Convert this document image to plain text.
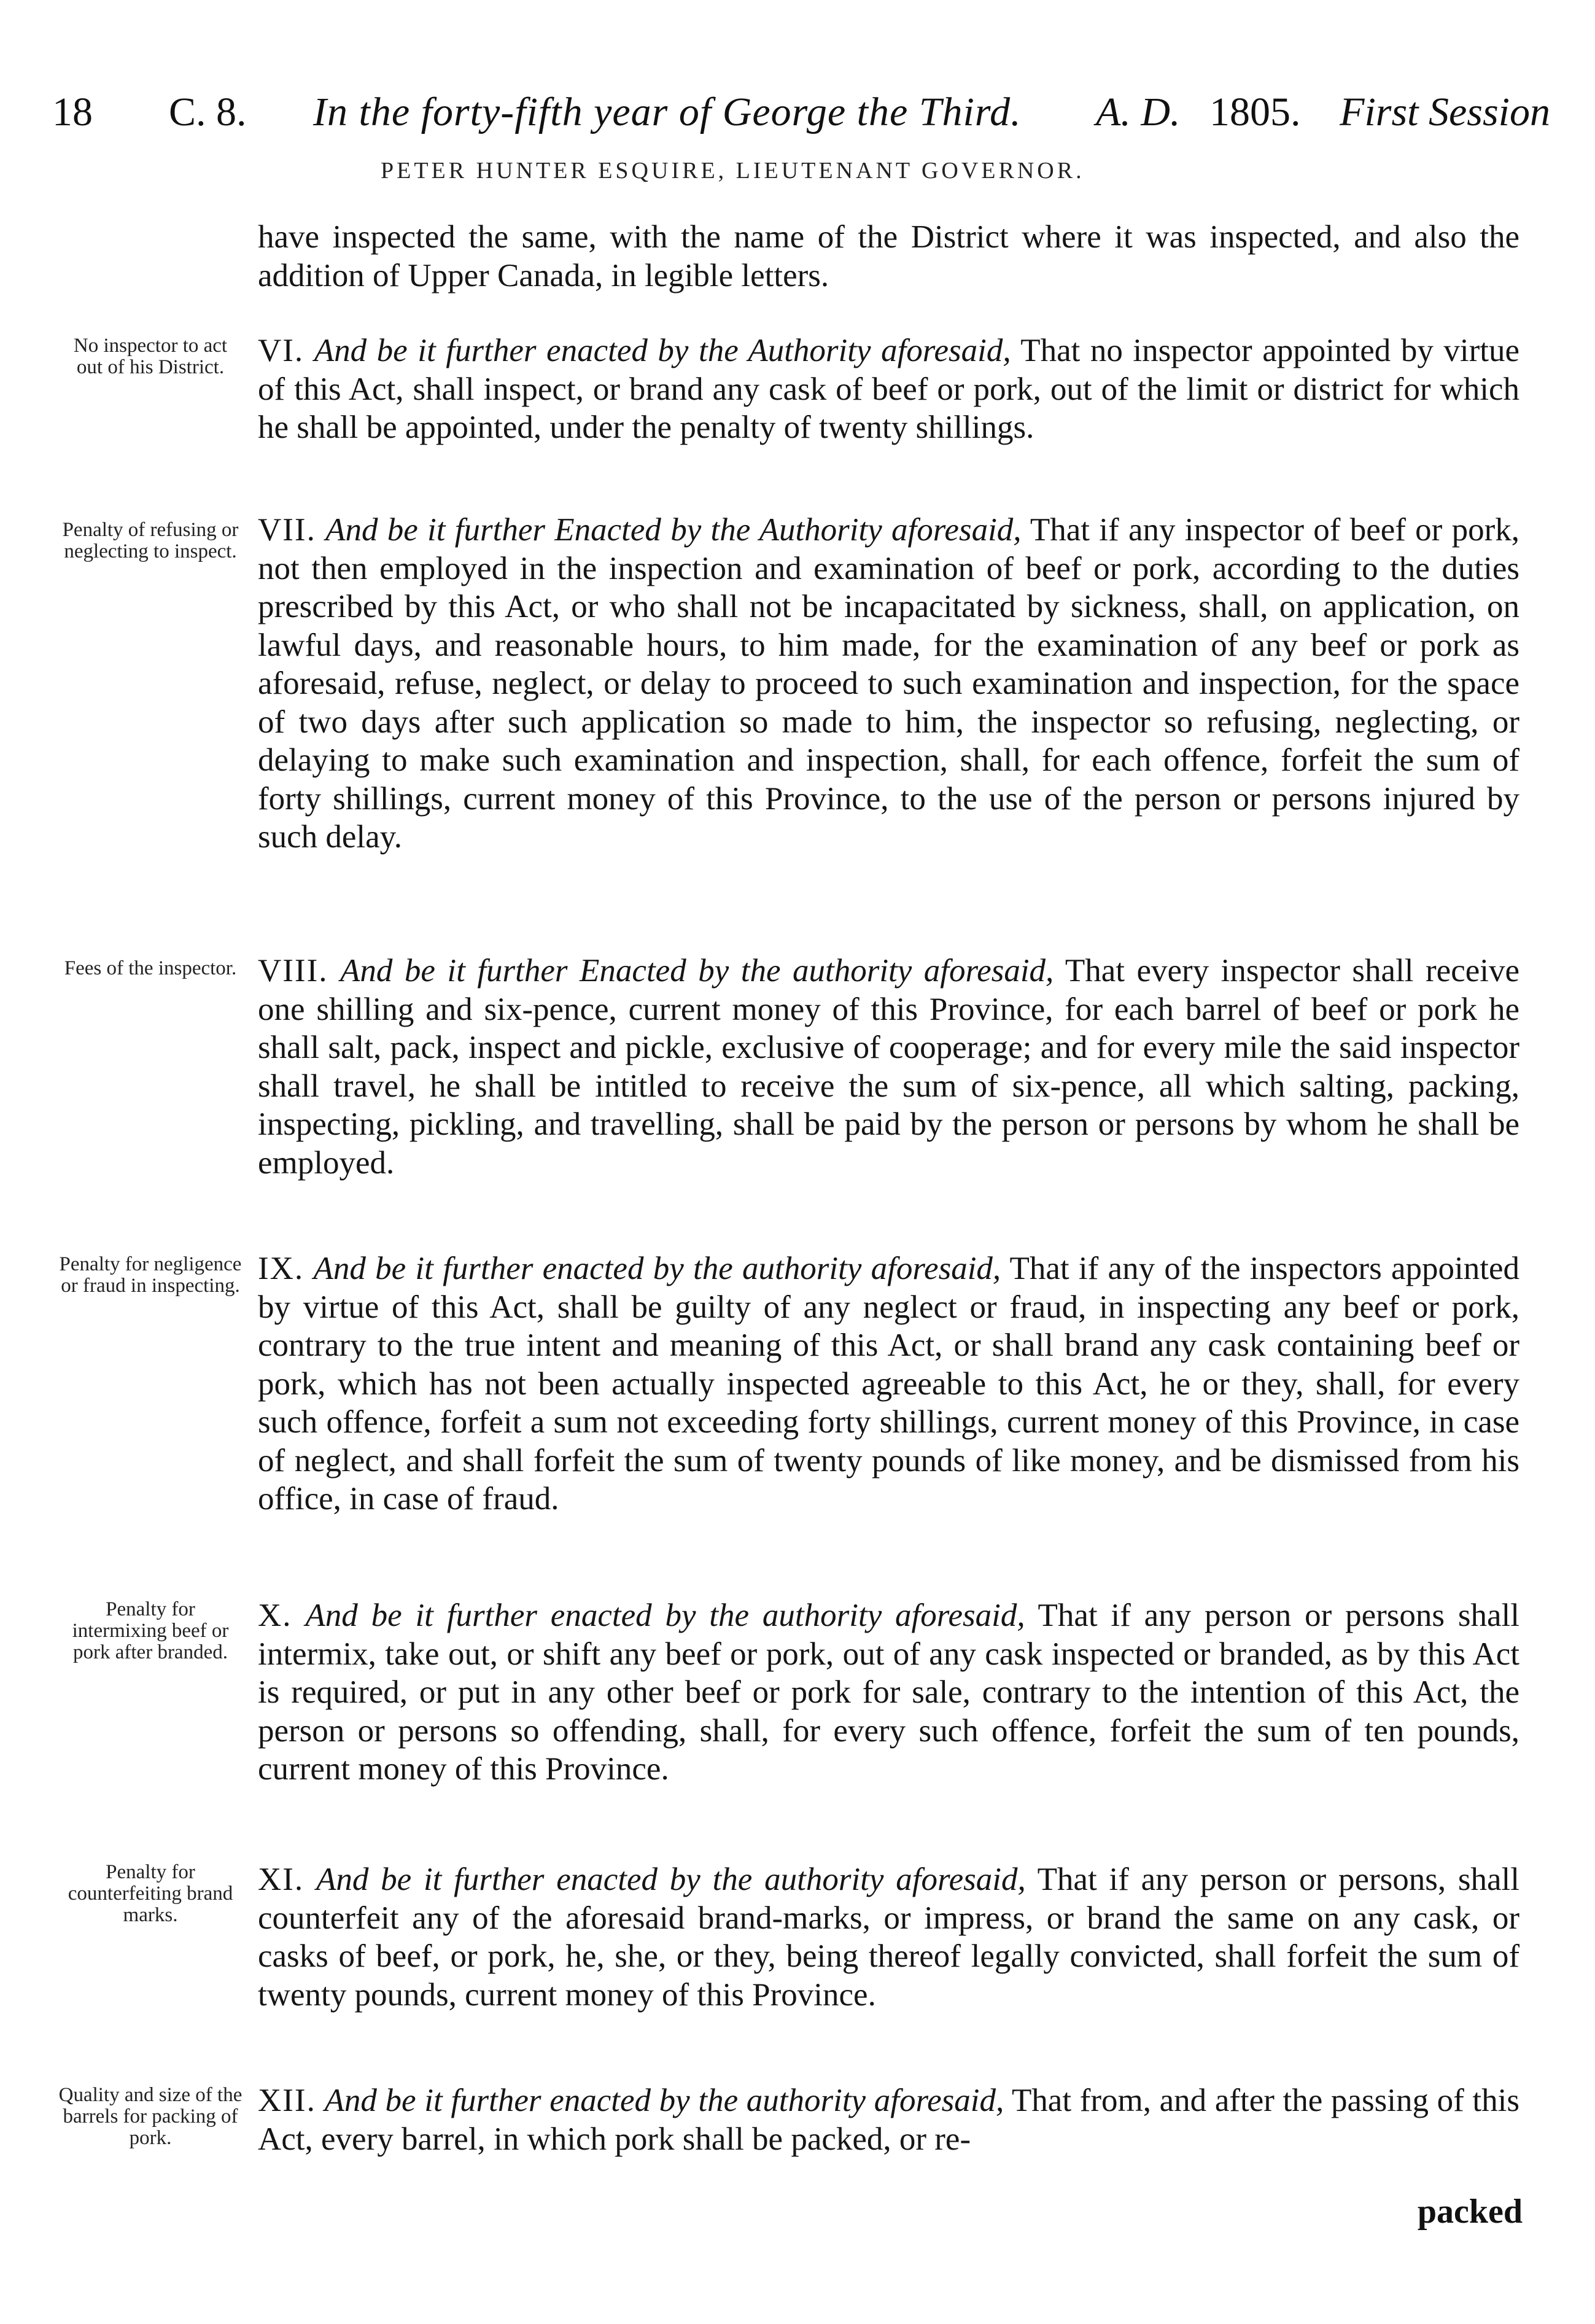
18 C. 8. In the forty-fifth year of George the Third. A. D. 1805. First Session
PETER HUNTER ESQUIRE, LIEUTENANT GOVERNOR.
have inspected the same, with the name of the District where it was inspected, and also the addition of Upper Canada, in legible letters.
No inspector to act out of his District.	VI. And be it further enacted by the Authority aforesaid, That no inspector appointed by virtue of this Act, shall inspect, or brand any cask of beef or pork, out of the limit or district for which he shall be appointed, under the penalty of twenty shillings.
Penalty of refusing or neglecting to inspect.
VII. And be it further Enacted by the Authority aforesaid, That if any inspector of beef or pork, not then employed in the inspection and examination of beef or pork, according to the duties prescribed by this Act, or who shall not be incapacitated by sickness, shall, on application, on lawful days, and reasonable hours, to him made, for the examination of any beef or pork as aforesaid, refuse, neglect, or delay to proceed to such examination and inspection, for the space of two days after such application so made to him, the inspector so refusing, neglecting, or delaying to make such examination and inspection, shall, for each offence, forfeit the sum of forty shillings, current money of this Province, to the use of the person or persons injured by such delay.
Fees of the inspector. VIII. And be it further Enacted by the authority aforesaid, That every inspector shall receive one shilling and six-pence, current money of this Province, for each barrel of beef or pork he shall salt, pack, inspect and pickle, exclusive of cooperage; and for every mile the said inspector shall travel, he shall be intitled to receive the sum of six-pence, all which salting, packing, inspecting, pickling, and travelling, shall be paid by the person or persons by whom he shall be employed.
Penalty for negligence or fraud in inspecting. IX. And be it further enacted by the authority aforesaid, That if any of the inspectors appointed by virtue of this Act, shall be guilty of any neglect or fraud, in inspecting any beef or pork, contrary to the true intent and meaning of this Act, or shall brand any cask containing beef or pork, which has not been actually inspected agreeable to this Act, he or they, shall, for every such offence, forfeit a sum not exceeding forty shillings, current money of this Province, in case of neglect, and shall forfeit the sum of twenty pounds of like money, and be dismissed from his office, in case of fraud.
Penalty for intermixing beef or pork after branded.
X. And be it further enacted by the authority aforesaid, That if any person or persons shall intermix, take out, or shift any beef or pork, out of any cask inspected or branded, as by this Act is required, or put in any other beef or pork for sale, contrary to the intention of this Act, the person or persons so offending, shall, for every such offence, forfeit the sum of ten pounds, current money of this Province.
Penalty for counterfeiting brand marks.
XI. And be it further enacted by the authority aforesaid, That if any person or persons, shall counterfeit any of the aforesaid brand-marks, or impress, or brand the same on any cask, or casks of beef, or pork, he, she, or they, being thereof legally convicted, shall forfeit the sum of twenty pounds, current money of this Province.
Quality and size of the barrels for packing of pork.
XII. And be it further enacted by the authority aforesaid, That from, and after the passing of this Act, every barrel, in which pork shall be packed, or re-
packed
